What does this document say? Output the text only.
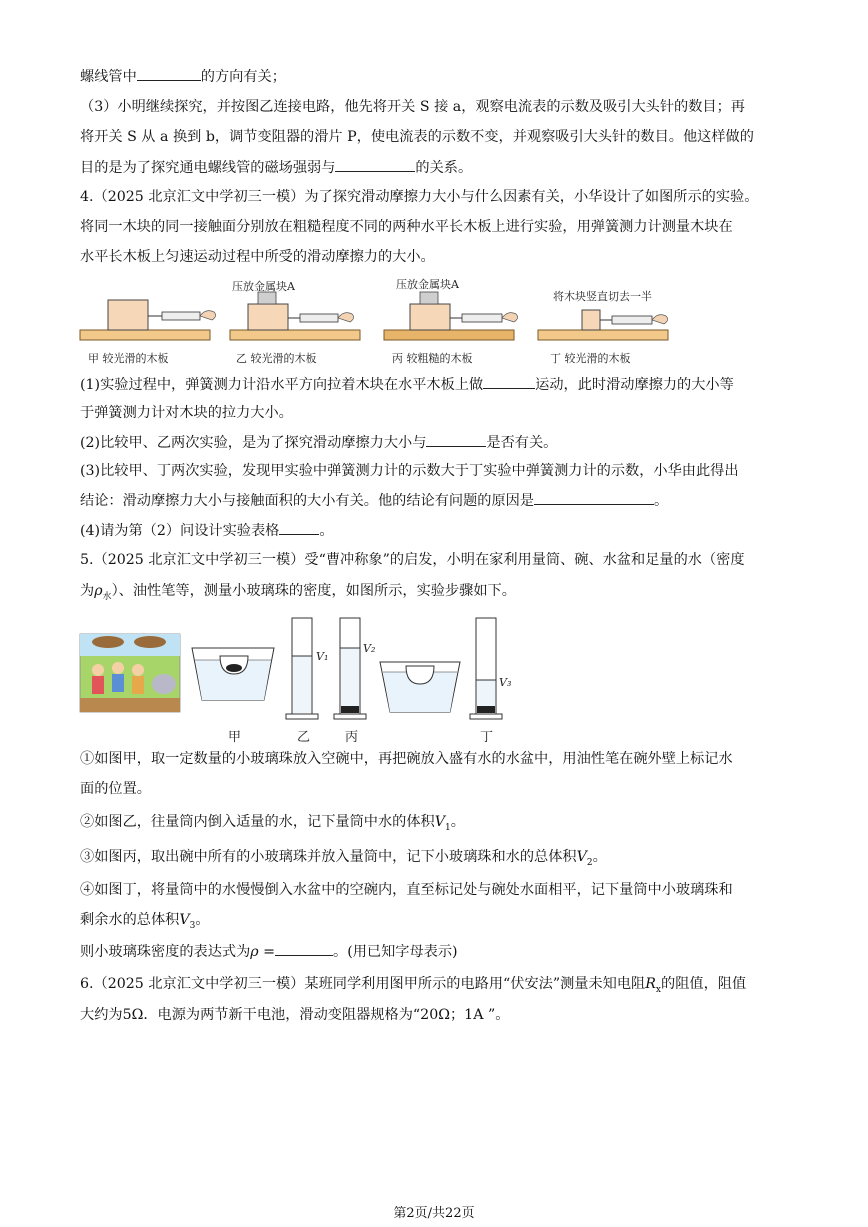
螺线管中	的方向有关；
（3）小明继续探究，并按图乙连接电路，他先将开关 S 接 a，观察电流表的示数及吸引大头针的数目；再
将开关 S 从 a 换到 b，调节变阻器的滑片 P，使电流表的示数不变，并观察吸引大头针的数目。他这样做的
目的是为了探究通电螺线管的磁场强弱与	的关系。
4.（2025 北京汇文中学初三一模）为了探究滑动摩擦力大小与什么因素有关，小华设计了如图所示的实验。
将同一木块的同一接触面分别放在粗糙程度不同的两种水平长木板上进行实验，用弹簧测力计测量木块在
水平长木板上匀速运动过程中所受的滑动摩擦力的大小。
压放金属块A	压放金属块A
将木块竖直切去一半
甲 较光滑的木板	乙 较光滑的木板	丙 较粗糙的木板	丁 较光滑的木板
(1)实验过程中，弹簧测力计沿水平方向拉着木块在水平木板上做	运动，此时滑动摩擦力的大小等
于弹簧测力计对木块的拉力大小。
(2)比较甲、乙两次实验，是为了探究滑动摩擦力大小与	是否有关。
(3)比较甲、丁两次实验，发现甲实验中弹簧测力计的示数大于丁实验中弹簧测力计的示数，小华由此得出
结论：滑动摩擦力大小与接触面积的大小有关。他的结论有问题的原因是	。
(4)请为第（2）问设计实验表格	。
5.（2025 北京汇文中学初三一模）受“曹冲称象”的启发，小明在家利用量筒、碗、水盆和足量的水（密度
为$\rho_水$）、油性笔等，测量小玻璃珠的密度，如图所示，实验步骤如下。
V₁
V₂
V₃
甲	乙	丙	丁
①如图甲，取一定数量的小玻璃珠放入空碗中，再把碗放入盛有水的水盆中，用油性笔在碗外壁上标记水
面的位置。
②如图乙，往量筒内倒入适量的水，记下量筒中水的体积$V_1$。
③如图丙，取出碗中所有的小玻璃珠并放入量筒中，记下小玻璃珠和水的总体积$V_2$。
④如图丁，将量筒中的水慢慢倒入水盆中的空碗内，直至标记处与碗处水面相平，记下量筒中小玻璃珠和
剩余水的总体积$V_3$。
则小玻璃珠密度的表达式为ρ =	。(用已知字母表示)
6.（2025 北京汇文中学初三一模）某班同学利用图甲所示的电路用“伏安法”测量未知电阻$R_x$的阻值，阻值
大约为5Ω．电源为两节新干电池，滑动变阻器规格为“20Ω；1A ”。
第2页/共22页
